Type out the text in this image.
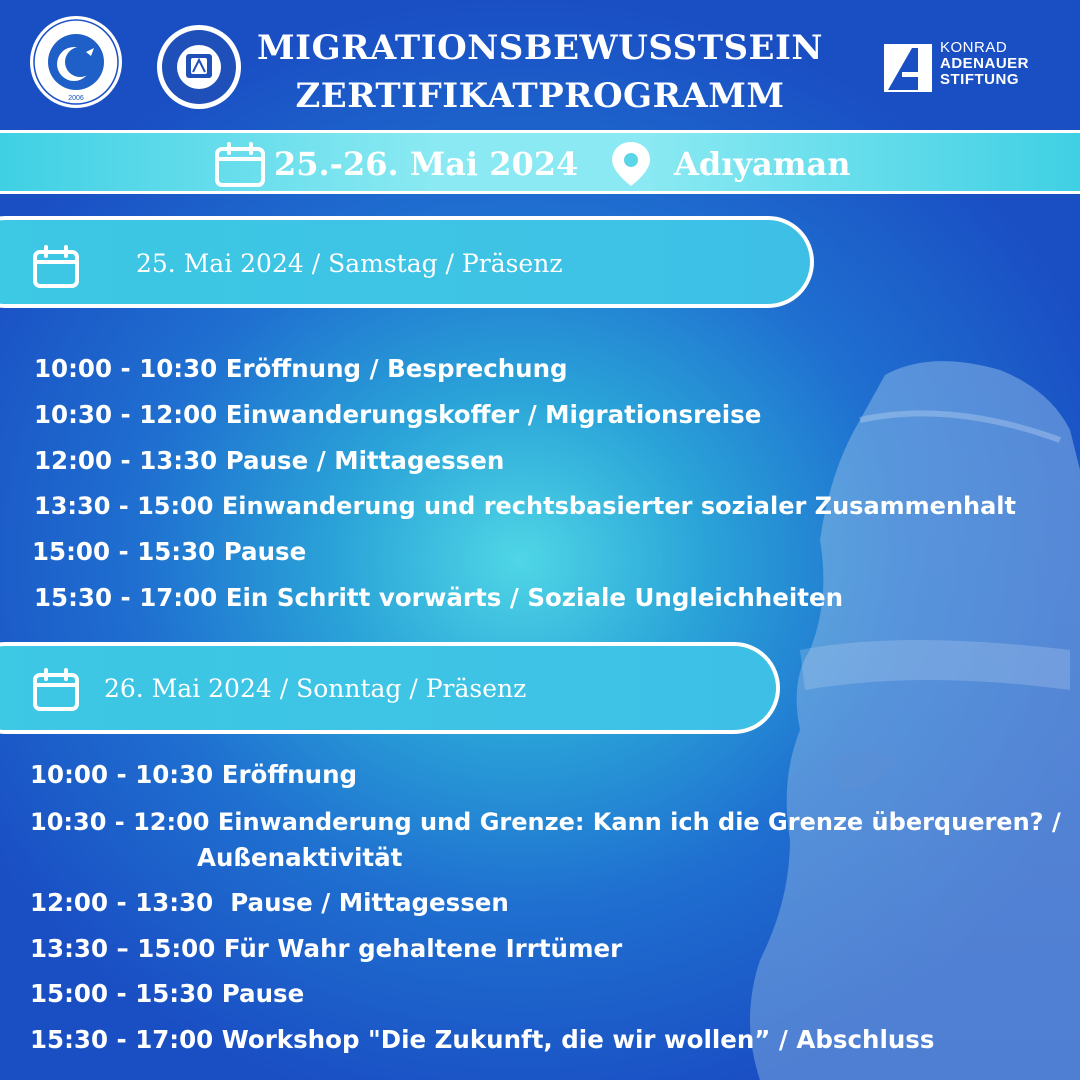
2006
MIGRATIONSBEWUSSTSEIN
ZERTIFIKATPROGRAMM
KONRAD
ADENAUER
STIFTUNG
25.-26. Mai 2024	Adıyaman
25. Mai 2024 / Samstag / Präsenz
10:00 - 10:30 Eröffnung / Besprechung
10:30 - 12:00 Einwanderungskoffer / Migrationsreise
12:00 - 13:30 Pause / Mittagessen
13:30 - 15:00 Einwanderung und rechtsbasierter sozialer Zusammenhalt
15:00 - 15:30 Pause
15:30 - 17:00 Ein Schritt vorwärts / Soziale Ungleichheiten
26. Mai 2024 / Sonntag / Präsenz
10:00 - 10:30 Eröffnung
10:30 - 12:00 Einwanderung und Grenze: Kann ich die Grenze überqueren? /
Außenaktivität
12:00 - 13:30  Pause / Mittagessen
13:30 – 15:00 Für Wahr gehaltene Irrtümer
15:00 - 15:30 Pause
15:30 - 17:00 Workshop "Die Zukunft, die wir wollen” / Abschluss
